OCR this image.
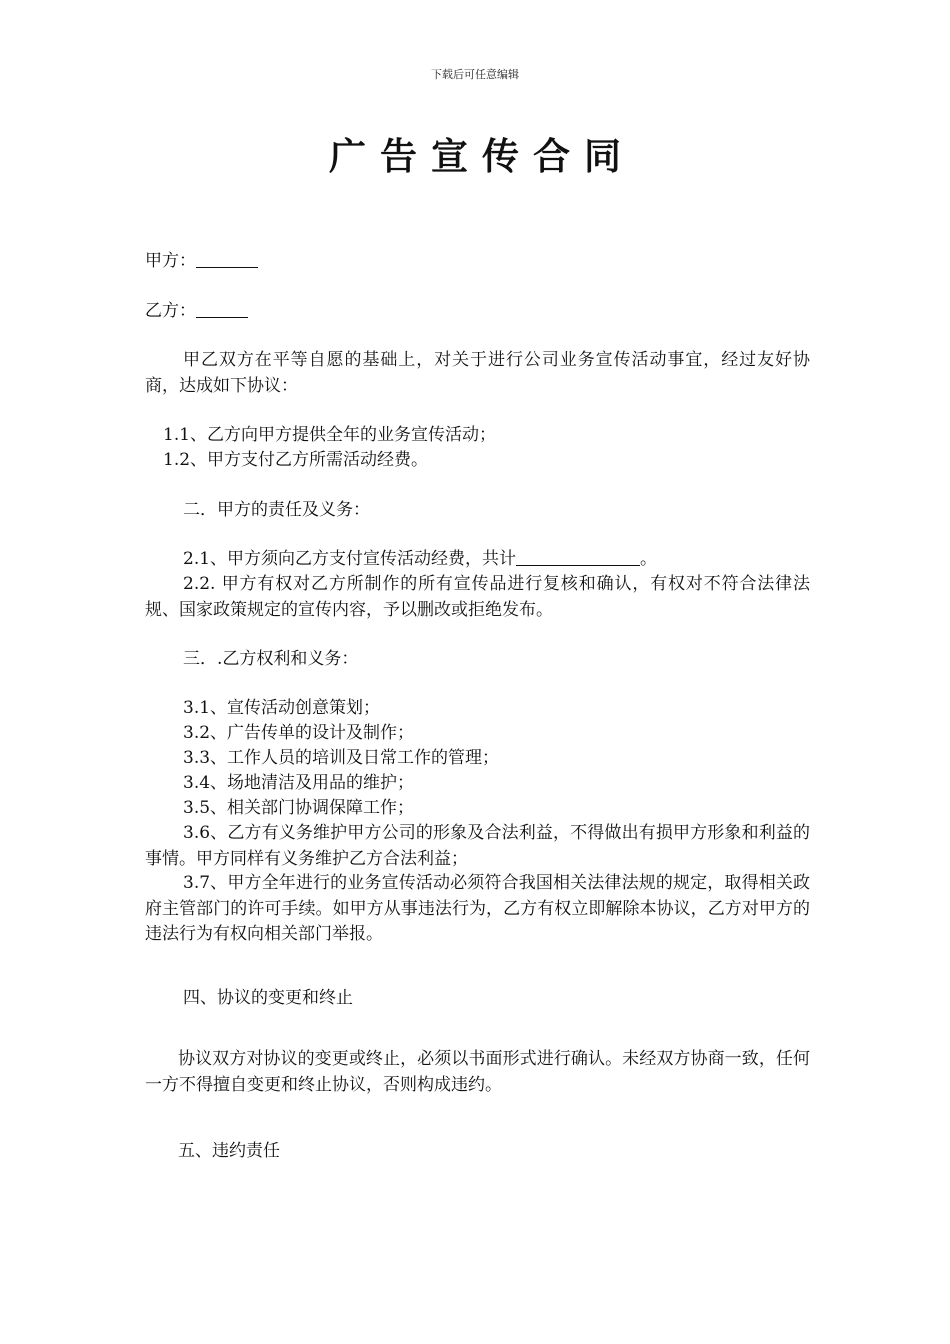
下载后可任意编辑
广告宣传合同
甲方：
乙方：
甲乙双方在平等自愿的基础上，对关于进行公司业务宣传活动事宜，经过友好协商，达成如下协议：
1.1、乙方向甲方提供全年的业务宣传活动；
1.2、甲方支付乙方所需活动经费。
二．甲方的责任及义务：
2.1、甲方须向乙方支付宣传活动经费，共计	。
2.2. 甲方有权对乙方所制作的所有宣传品进行复核和确认，有权对不符合法律法规、国家政策规定的宣传内容，予以删改或拒绝发布。
三．.乙方权利和义务：
3.1、宣传活动创意策划；
3.2、广告传单的设计及制作；
3.3、工作人员的培训及日常工作的管理；
3.4、场地清洁及用品的维护；
3.5、相关部门协调保障工作；
3.6、乙方有义务维护甲方公司的形象及合法利益，不得做出有损甲方形象和利益的事情。甲方同样有义务维护乙方合法利益；
3.7、甲方全年进行的业务宣传活动必须符合我国相关法律法规的规定，取得相关政府主管部门的许可手续。如甲方从事违法行为，乙方有权立即解除本协议，乙方对甲方的违法行为有权向相关部门举报。
四、协议的变更和终止
协议双方对协议的变更或终止，必须以书面形式进行确认。未经双方协商一致，任何一方不得擅自变更和终止协议，否则构成违约。
五、违约责任
